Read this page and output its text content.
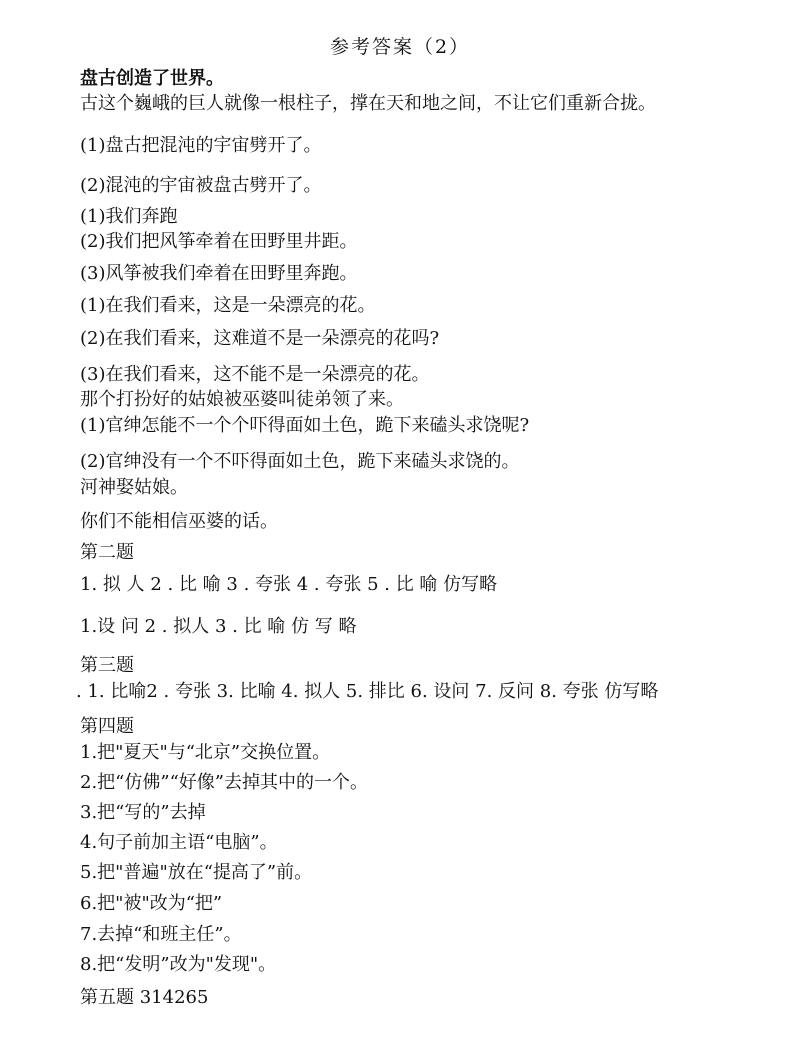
参考答案（2）
盘古创造了世界。
古这个巍峨的巨人就像一根柱子，撑在天和地之间，不让它们重新合拢。
(1)盘古把混沌的宇宙劈开了。
(2)混沌的宇宙被盘古劈开了。
(1)我们奔跑
(2)我们把风筝牵着在田野里井距。
(3)风筝被我们牵着在田野里奔跑。
(1)在我们看来，这是一朵漂亮的花。
(2)在我们看来，这难道不是一朵漂亮的花吗?
(3)在我们看来，这不能不是一朵漂亮的花。
那个打扮好的姑娘被巫婆叫徒弟领了来。
(1)官绅怎能不一个个吓得面如土色，跪下来磕头求饶呢?
(2)官绅没有一个不吓得面如土色，跪下来磕头求饶的。
河神娶姑娘。
你们不能相信巫婆的话。
第二题
1. 拟 人 2 . 比 喻 3 . 夸张 4 . 夸张 5 . 比 喻 仿写略
1.设 问 2 . 拟人 3 . 比 喻 仿 写 略
第三题
. 1. 比喻2 . 夸张 3. 比喻 4. 拟人 5. 排比 6. 设问 7. 反问 8. 夸张 仿写略
第四题
1.把"夏天"与“北京”交换位置。
2.把“仿佛”“好像”去掉其中的一个。
3.把“写的”去掉
4.句子前加主语“电脑”。
5.把"普遍"放在“提高了”前。
6.把"被"改为“把”
7.去掉“和班主任”。
8.把“发明”改为"发现"。
第五题 314265
